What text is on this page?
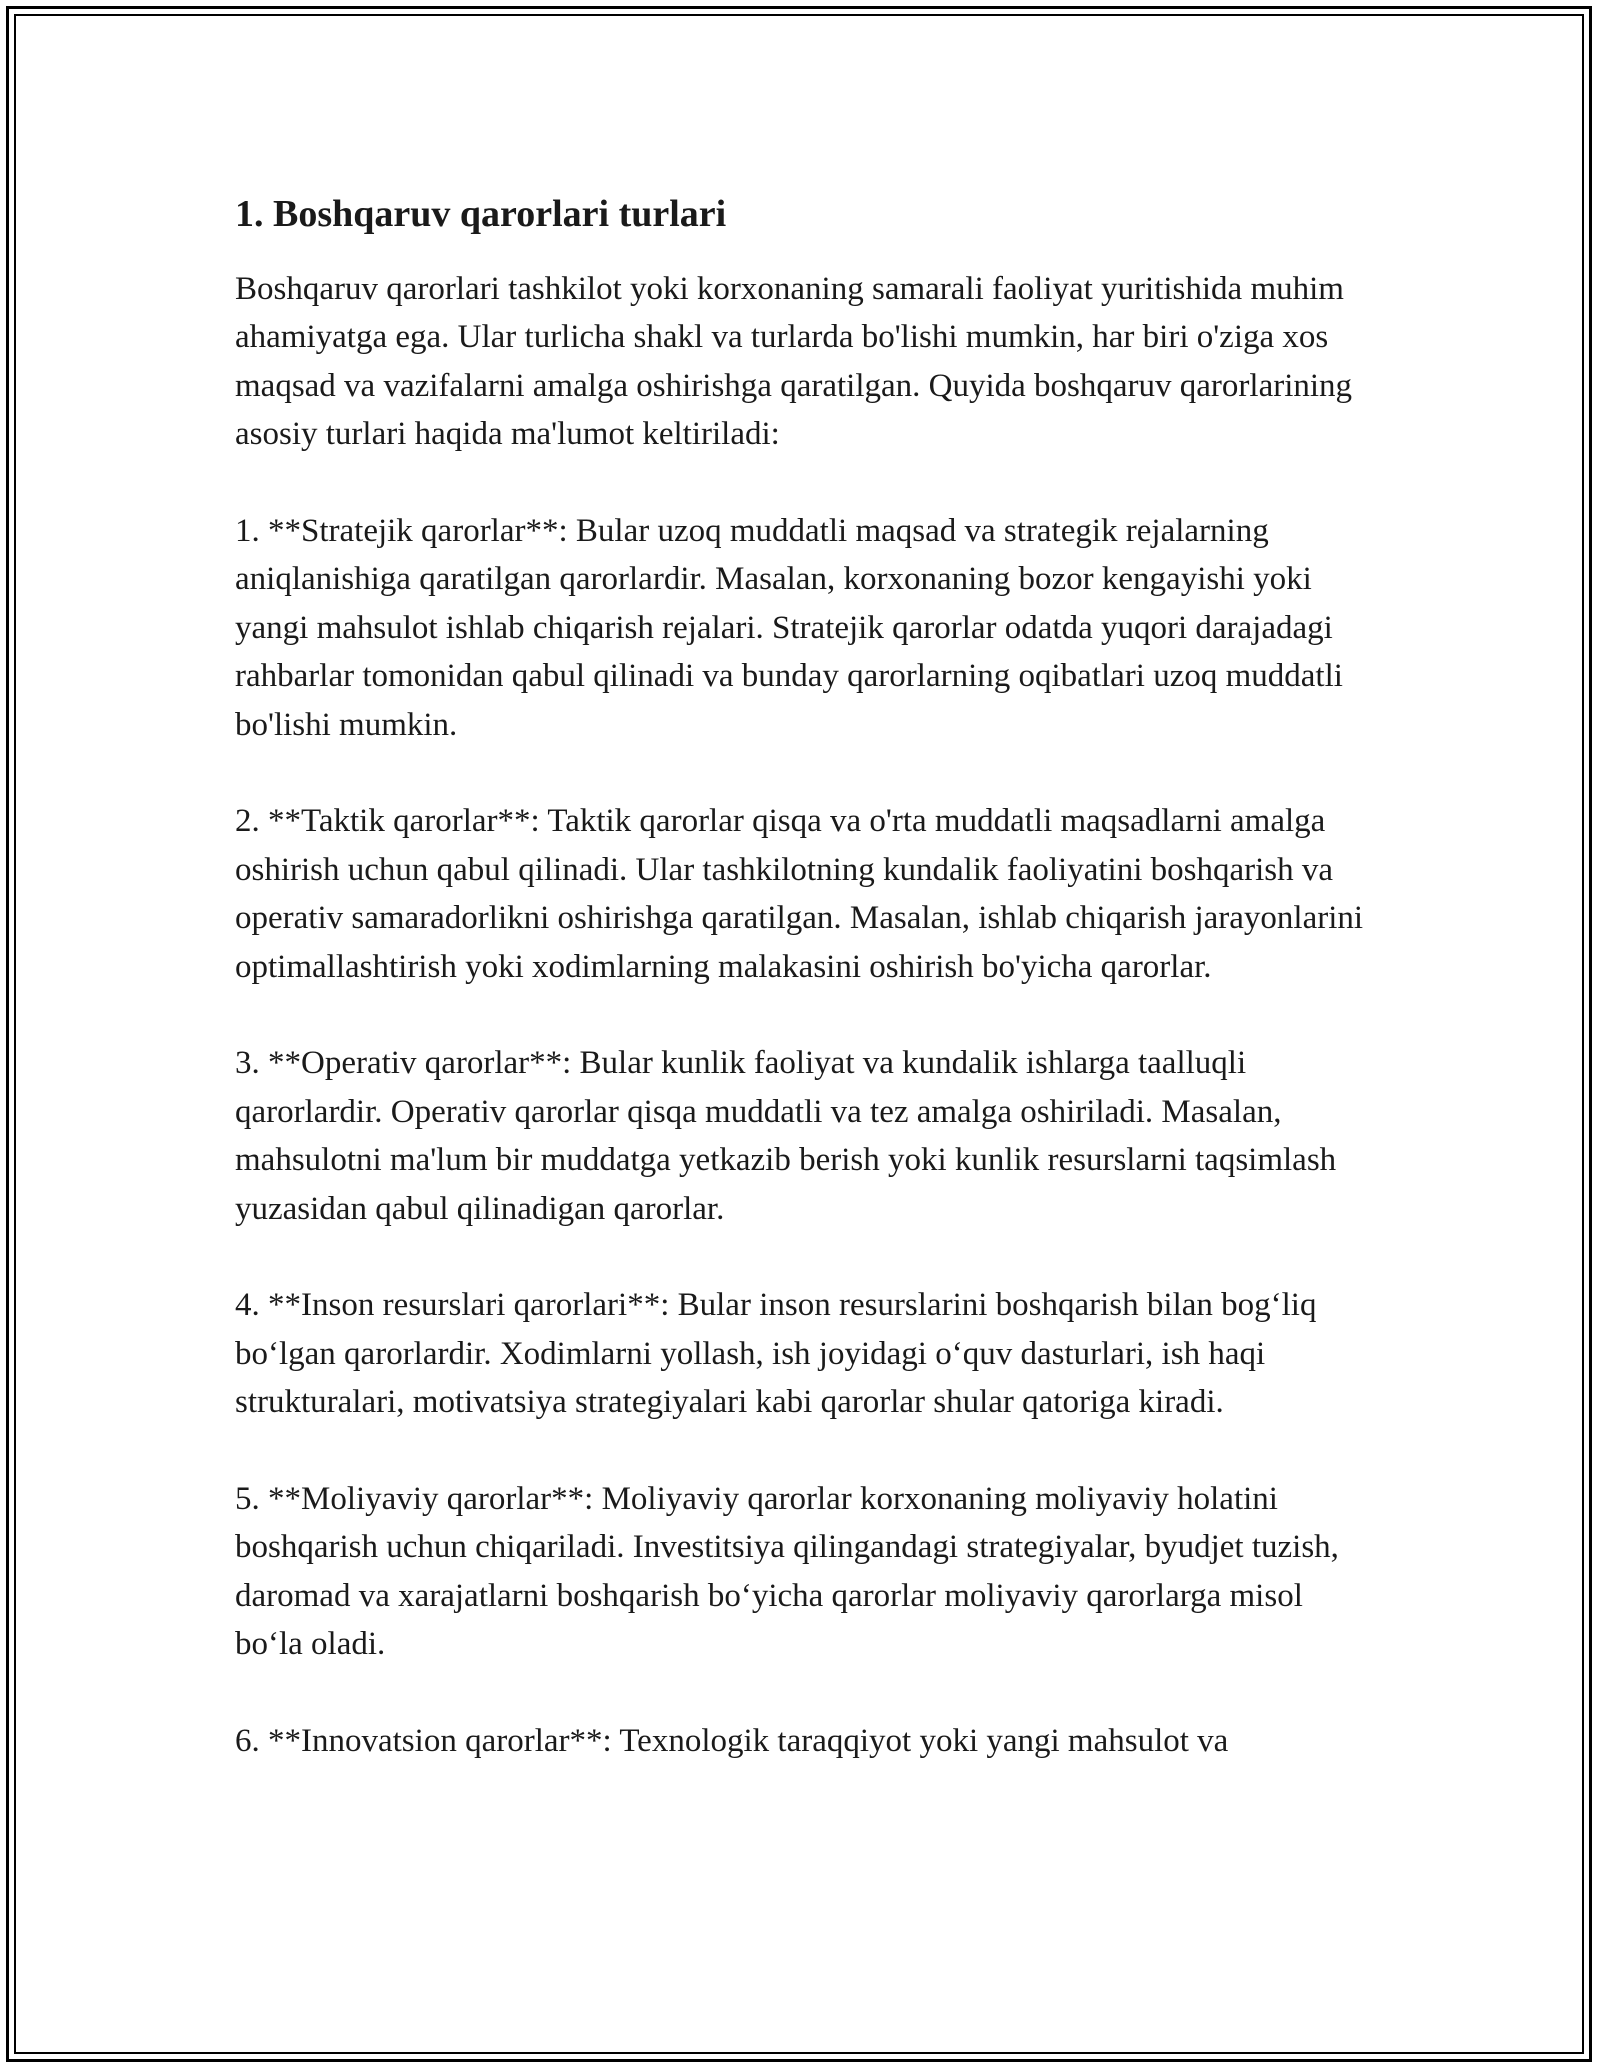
1. Boshqaruv qarorlari turlari

Boshqaruv qarorlari tashkilot yoki korxonaning samarali faoliyat yuritishida muhim ahamiyatga ega. Ular turlicha shakl va turlarda bo'lishi mumkin, har biri o'ziga xos maqsad va vazifalarni amalga oshirishga qaratilgan. Quyida boshqaruv qarorlarining asosiy turlari haqida ma'lumot keltiriladi:

1. **Stratejik qarorlar**: Bular uzoq muddatli maqsad va strategik rejalarning aniqlanishiga qaratilgan qarorlardir. Masalan, korxonaning bozor kengayishi yoki yangi mahsulot ishlab chiqarish rejalari. Stratejik qarorlar odatda yuqori darajadagi rahbarlar tomonidan qabul qilinadi va bunday qarorlarning oqibatlari uzoq muddatli bo'lishi mumkin.

2. **Taktik qarorlar**: Taktik qarorlar qisqa va o'rta muddatli maqsadlarni amalga oshirish uchun qabul qilinadi. Ular tashkilotning kundalik faoliyatini boshqarish va operativ samaradorlikni oshirishga qaratilgan. Masalan, ishlab chiqarish jarayonlarini optimallashtirish yoki xodimlarning malakasini oshirish bo'yicha qarorlar.

3. **Operativ qarorlar**: Bular kunlik faoliyat va kundalik ishlarga taalluqli qarorlardir. Operativ qarorlar qisqa muddatli va tez amalga oshiriladi. Masalan, mahsulotni ma'lum bir muddatga yetkazib berish yoki kunlik resurslarni taqsimlash yuzasidan qabul qilinadigan qarorlar.

4. **Inson resurslari qarorlari**: Bular inson resurslarini boshqarish bilan bog‘liq bo‘lgan qarorlardir. Xodimlarni yollash, ish joyidagi o‘quv dasturlari, ish haqi strukturalari, motivatsiya strategiyalari kabi qarorlar shular qatoriga kiradi.

5. **Moliyaviy qarorlar**: Moliyaviy qarorlar korxonaning moliyaviy holatini boshqarish uchun chiqariladi. Investitsiya qilingandagi strategiyalar, byudjet tuzish, daromad va xarajatlarni boshqarish bo‘yicha qarorlar moliyaviy qarorlarga misol bo‘la oladi.

6. **Innovatsion qarorlar**: Texnologik taraqqiyot yoki yangi mahsulot va
